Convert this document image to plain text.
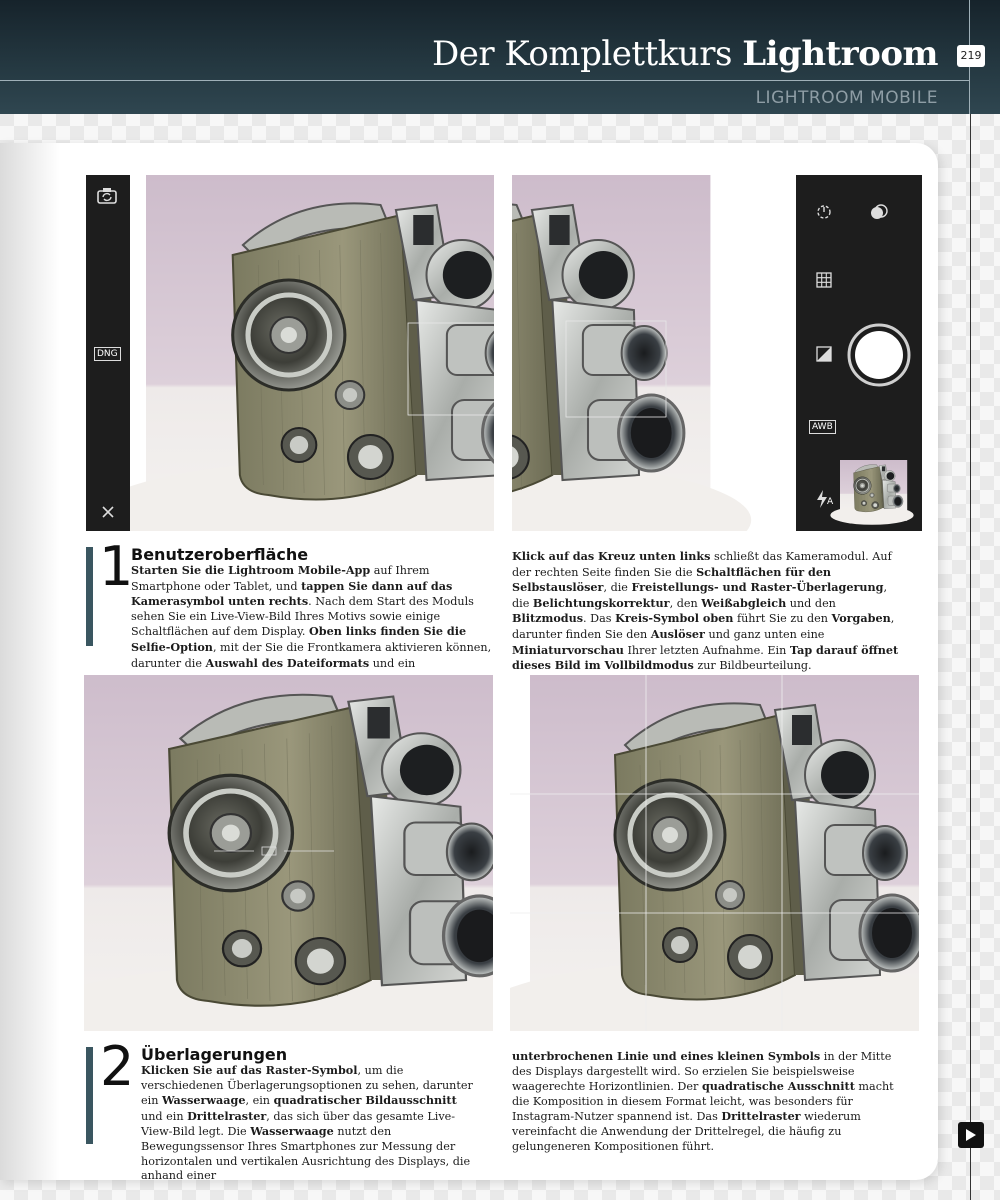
Der Komplettkurs Lightroom	219
LIGHTROOM MOBILE
DNG
AWB
A
1
Benutzeroberfläche
Starten Sie die Lightroom Mobile-App auf Ihrem Smartphone oder Tablet, und tappen Sie dann auf das Kamerasymbol unten rechts. Nach dem Start des Moduls sehen Sie ein Live-View-Bild Ihres Motivs sowie einige Schaltflächen auf dem Display. Oben links finden Sie die Selfie-Option, mit der Sie die Frontkamera aktivieren können, darunter die Auswahl des Dateiformats und ein
Klick auf das Kreuz unten links schließt das Kameramodul. Auf der rechten Seite finden Sie die Schaltflächen für den Selbstauslöser, die Freistellungs- und Raster-Überlagerung, die Belichtungskorrektur, den Weißabgleich und den Blitzmodus. Das Kreis-Symbol oben führt Sie zu den Vorgaben, darunter finden Sie den Auslöser und ganz unten eine Miniaturvorschau Ihrer letzten Aufnahme. Ein Tap darauf öffnet dieses Bild im Vollbildmodus zur Bildbeurteilung.
2 Überlagerungen
Klicken Sie auf das Raster-Symbol, um die verschiedenen Überlagerungsoptionen zu sehen, darunter ein Wasserwaage, ein quadratischer Bildausschnitt und ein Drittelraster, das sich über das gesamte Live-View-Bild legt. Die Wasserwaage nutzt den Bewegungssensor Ihres Smartphones zur Messung der horizontalen und vertikalen Ausrichtung des Displays, die anhand einer
unterbrochenen Linie und eines kleinen Symbols in der Mitte des Displays dargestellt wird. So erzielen Sie beispielsweise waagerechte Horizontlinien. Der quadratische Ausschnitt macht die Komposition in diesem Format leicht, was besonders für Instagram-Nutzer spannend ist. Das Drittelraster wiederum vereinfacht die Anwendung der Drittelregel, die häufig zu gelungeneren Kompositionen führt.
